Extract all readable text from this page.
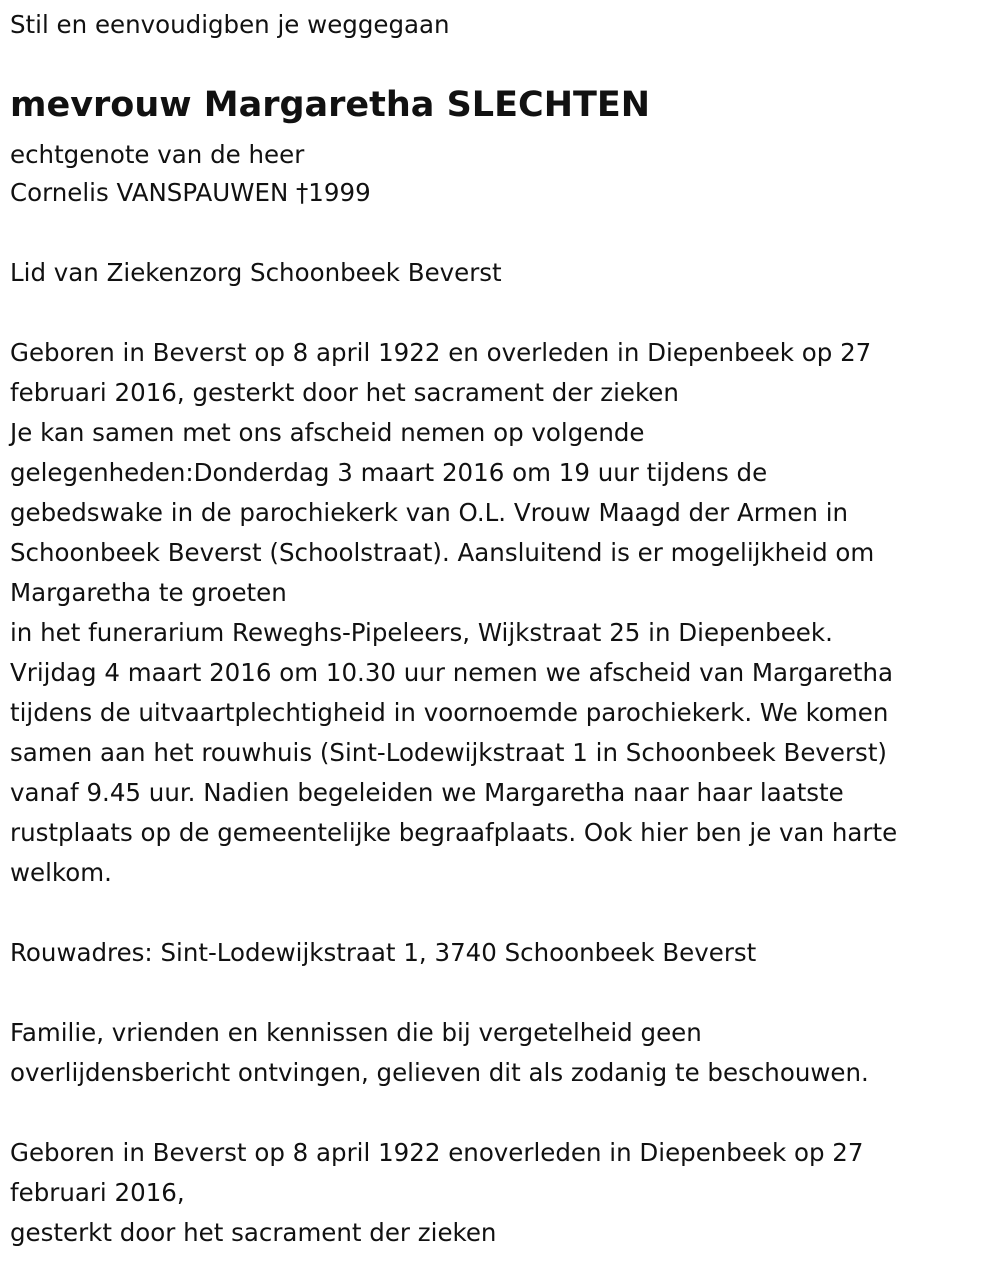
Stil en eenvoudigben je weggegaan
mevrouw Margaretha SLECHTEN
echtgenote van de heer
Cornelis VANSPAUWEN †1999
Lid van Ziekenzorg Schoonbeek Beverst
Geboren in Beverst op 8 april 1922 en overleden in Diepenbeek op 27
februari 2016, gesterkt door het sacrament der zieken
Je kan samen met ons afscheid nemen op volgende
gelegenheden:Donderdag 3 maart 2016 om 19 uur tijdens de
gebedswake in de parochiekerk van O.L. Vrouw Maagd der Armen in
Schoonbeek Beverst (Schoolstraat). Aansluitend is er mogelijkheid om
Margaretha te groeten
in het funerarium Reweghs-Pipeleers, Wijkstraat 25 in Diepenbeek.
Vrijdag 4 maart 2016 om 10.30 uur nemen we afscheid van Margaretha
tijdens de uitvaartplechtigheid in voornoemde parochiekerk. We komen
samen aan het rouwhuis (Sint-Lodewijkstraat 1 in Schoonbeek Beverst)
vanaf 9.45 uur. Nadien begeleiden we Margaretha naar haar laatste
rustplaats op de gemeentelijke begraafplaats. Ook hier ben je van harte
welkom.
Rouwadres: Sint-Lodewijkstraat 1, 3740 Schoonbeek Beverst
Familie, vrienden en kennissen die bij vergetelheid geen
overlijdensbericht ontvingen, gelieven dit als zodanig te beschouwen.
Geboren in Beverst op 8 april 1922 enoverleden in Diepenbeek op 27
februari 2016,
gesterkt door het sacrament der zieken
